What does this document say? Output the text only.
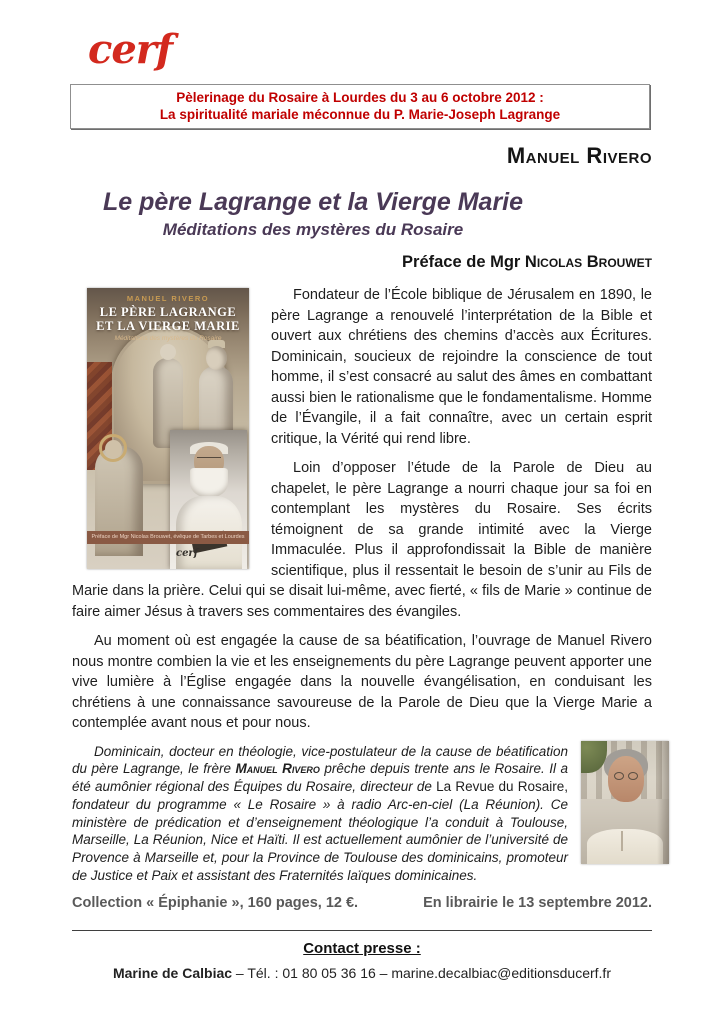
cerf
Pèlerinage du Rosaire à Lourdes du 3 au 6 octobre 2012 :
La spiritualité mariale méconnue du P. Marie-Joseph Lagrange
Manuel Rivero
Le père Lagrange et la Vierge Marie
Méditations des mystères du Rosaire
Préface de Mgr Nicolas Brouwet
MANUEL RIVERO
LE PÈRE LAGRANGE
ET LA VIERGE MARIE
Méditations des mystères du Rosaire
Préface de Mgr Nicolas Brouwet, évêque de Tarbes et Lourdes
cerf

Fondateur de l’École biblique de Jérusalem en 1890, le père Lagrange a renouvelé l’interprétation de la Bible et ouvert aux chrétiens des chemins d’accès aux Écritures. Dominicain, soucieux de rejoindre la conscience de tout homme, il s’est consacré au salut des âmes en combattant aussi bien le rationalisme que le fondamentalisme. Homme de l’Évangile, il a fait connaître, avec un certain esprit critique, la Vérité qui rend libre.

Loin d’opposer l’étude de la Parole de Dieu au chapelet, le père Lagrange a nourri chaque jour sa foi en contemplant les mystères du Rosaire. Ses écrits témoignent de sa grande intimité avec la Vierge Immaculée. Plus il approfondissait la Bible de manière scientifique, plus il ressentait le besoin de s’unir au Fils de Marie dans la prière. Celui qui se disait lui-même, avec fierté, « fils de Marie » continue de faire aimer Jésus à travers ses commentaires des évangiles.

Au moment où est engagée la cause de sa béatification, l’ouvrage de Manuel Rivero nous montre combien la vie et les enseignements du père Lagrange peuvent apporter une vive lumière à l’Église engagée dans la nouvelle évangélisation, en conduisant les chrétiens à une connaissance savoureuse de la Parole de Dieu que la Vierge Marie a contemplée avant nous et pour nous.

Dominicain, docteur en théologie, vice-postulateur de la cause de béatification du père Lagrange, le frère Manuel Rivero prêche depuis trente ans le Rosaire. Il a été aumônier régional des Équipes du Rosaire, directeur de La Revue du Rosaire, fondateur du programme « Le Rosaire » à radio Arc-en-ciel (La Réunion). Ce ministère de prédication et d’enseignement théologique l’a conduit à Toulouse, Marseille, La Réunion, Nice et Haïti. Il est actuellement aumônier de l’université de Provence à Marseille et, pour la Province de Toulouse des dominicains, promoteur de Justice et Paix et assistant des Fraternités laïques dominicaines.

Collection « Épiphanie », 160 pages, 12 €.	En librairie le 13 septembre 2012.
Contact presse :
Marine de Calbiac – Tél. : 01 80 05 36 16 – marine.decalbiac@editionsducerf.fr
